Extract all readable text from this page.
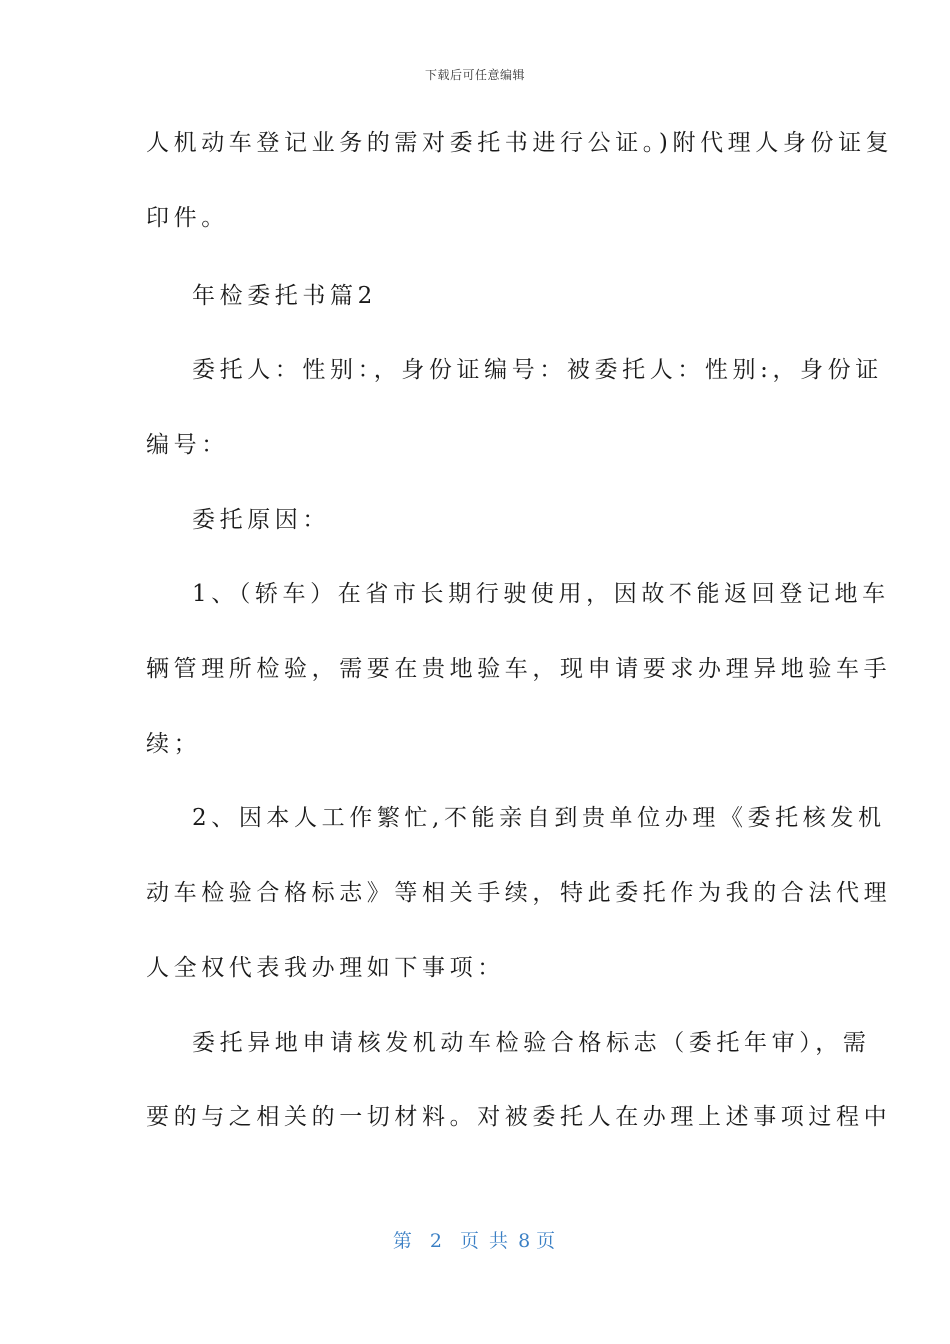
下载后可任意编辑
人机动车登记业务的需对委托书进行公证。)附代理人身份证复
印件。
年检委托书篇2
委托人：性别：，身份证编号：被委托人：性别:，身份证
编号：
委托原因：
1、（轿车）在省市长期行驶使用，因故不能返回登记地车
辆管理所检验，需要在贵地验车，现申请要求办理异地验车手
续；
2、因本人工作繁忙,不能亲自到贵单位办理《委托核发机
动车检验合格标志》等相关手续，特此委托作为我的合法代理
人全权代表我办理如下事项：
委托异地申请核发机动车检验合格标志（委托年审），需
要的与之相关的一切材料。对被委托人在办理上述事项过程中
第 2 页 共 8 页
